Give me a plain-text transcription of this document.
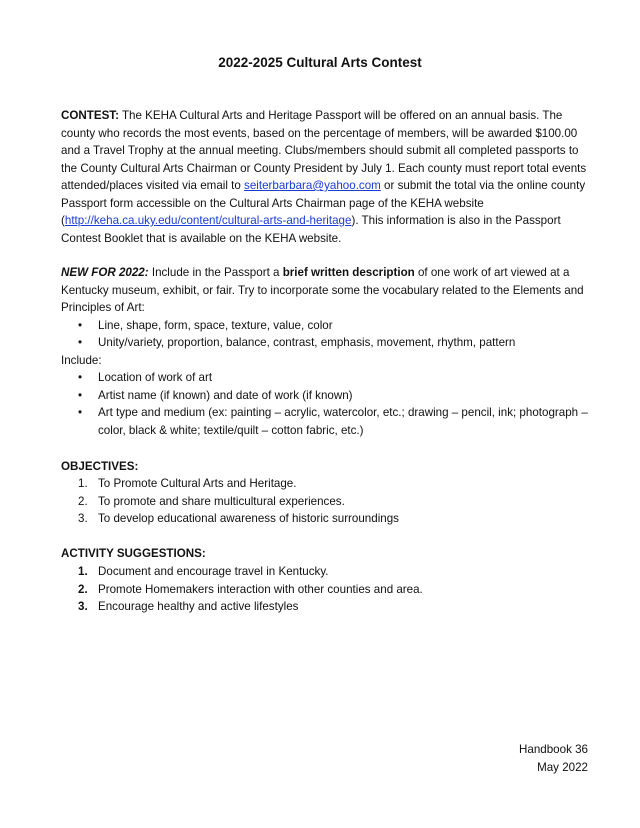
2022-2025 Cultural Arts Contest

CONTEST: The KEHA Cultural Arts and Heritage Passport will be offered on an annual basis. The county who records the most events, based on the percentage of members, will be awarded $100.00 and a Travel Trophy at the annual meeting. Clubs/members should submit all completed passports to the County Cultural Arts Chairman or County President by July 1. Each county must report total events attended/places visited via email to seiterbarbara@yahoo.com or submit the total via the online county Passport form accessible on the Cultural Arts Chairman page of the KEHA website (http://keha.ca.uky.edu/content/cultural-arts-and-heritage). This information is also in the Passport Contest Booklet that is available on the KEHA website.

NEW FOR 2022: Include in the Passport a brief written description of one work of art viewed at a Kentucky museum, exhibit, or fair. Try to incorporate some the vocabulary related to the Elements and Principles of Art:
• Line, shape, form, space, texture, value, color
• Unity/variety, proportion, balance, contrast, emphasis, movement, rhythm, pattern
Include:
• Location of work of art
• Artist name (if known) and date of work (if known)
• Art type and medium (ex: painting – acrylic, watercolor, etc.; drawing – pencil, ink; photograph – color, black & white; textile/quilt – cotton fabric, etc.)
OBJECTIVES:
1. To Promote Cultural Arts and Heritage.
2. To promote and share multicultural experiences.
3. To develop educational awareness of historic surroundings
ACTIVITY SUGGESTIONS:
1. Document and encourage travel in Kentucky.
2. Promote Homemakers interaction with other counties and area.
3. Encourage healthy and active lifestyles
Handbook 36
May 2022
